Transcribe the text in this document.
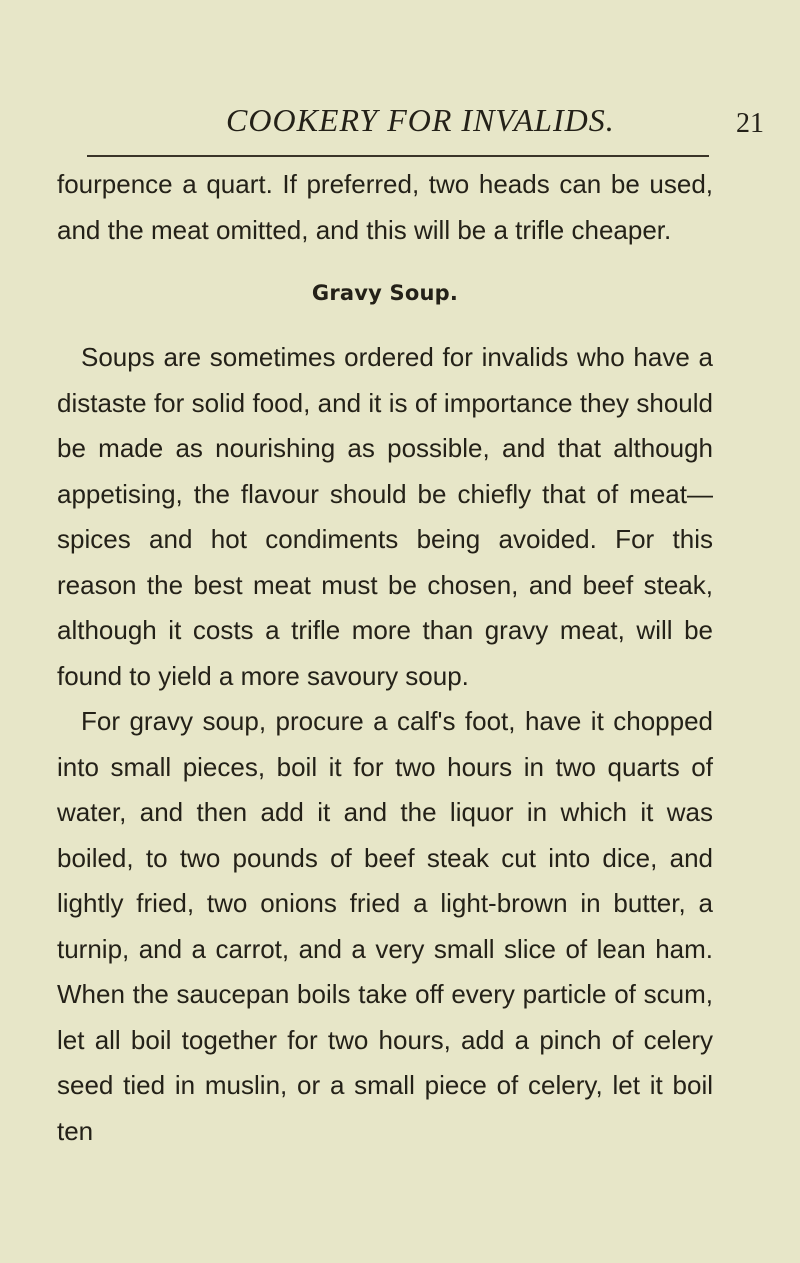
COOKERY FOR INVALIDS.	21

fourpence a quart. If preferred, two heads can be used, and the meat omitted, and this will be a trifle cheaper.

Gravy Soup.

Soups are sometimes ordered for invalids who have a distaste for solid food, and it is of importance they should be made as nourishing as possible, and that although appetising, the flavour should be chiefly that of meat—spices and hot condiments being avoided. For this reason the best meat must be chosen, and beef steak, although it costs a trifle more than gravy meat, will be found to yield a more savoury soup.

For gravy soup, procure a calf's foot, have it chopped into small pieces, boil it for two hours in two quarts of water, and then add it and the liquor in which it was boiled, to two pounds of beef steak cut into dice, and lightly fried, two onions fried a light-brown in butter, a turnip, and a carrot, and a very small slice of lean ham. When the saucepan boils take off every particle of scum, let all boil together for two hours, add a pinch of celery seed tied in muslin, or a small piece of celery, let it boil ten
